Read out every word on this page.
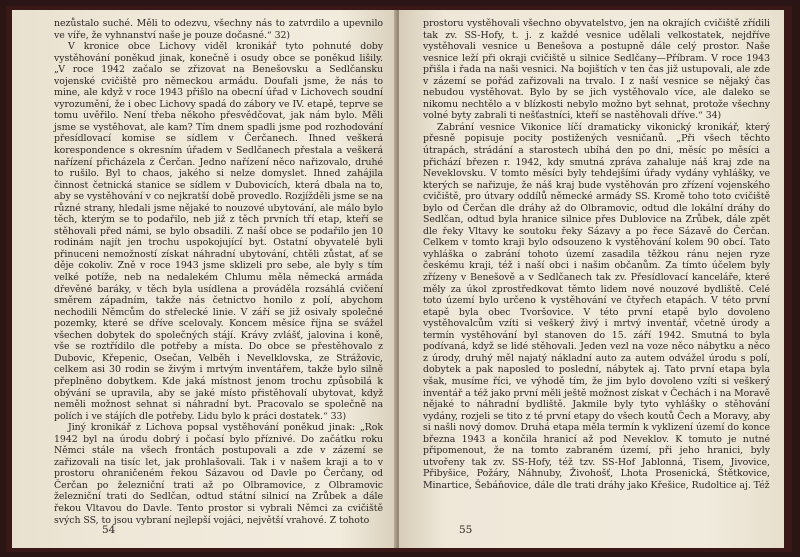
nezůstalo suché. Měli to odezvu, všechny nás to zatvrdilo a upevnilo ve víře, že vyhnanství naše je pouze dočasné.“ 32)

V kronice obce Lichovy viděl kronikář tyto pohnuté doby vystěhování poněkud jinak, konečně i osudy obce se poněkud lišily. „V roce 1942 začalo se zřizovat na Benešovsku a Sedlčansku vojenské cvičiště pro německou armádu. Doufali jsme, že nás to mine, ale když v roce 1943 přišlo na obecní úřad v Lichovech soudní vyrozumění, že i obec Lichovy spadá do zábory ve IV. etapě, teprve se tomu uvěřilo. Není třeba někoho přesvědčovat, jak nám bylo. Měli jsme se vystěhovat, ale kam? Tím dnem spadli jsme pod rozhodování přesídlovací komise se sídlem v Čerčanech. Ihned veškerá korespondence s okresním úřadem v Sedlčanech přestala a veškerá nařízení přicházela z Čerčan. Jedno nařízení něco nařizovalo, druhé to rušilo. Byl to chaos, jakého si nelze domyslet. Ihned zahájila činnost četnická stanice se sídlem v Dubovicích, která dbala na to, aby se vystěhování v co nejkratší době provedlo. Rozjížděli jsme se na různé strany, hledali jsme nějaké to nouzové ubytování, ale málo bylo těch, kterým se to podařilo, neb již z těch prvních tří etap, kteří se stěhovali před námi, se bylo obsadili. Z naší obce se podařilo jen 10 rodinám najít jen trochu uspokojující byt. Ostatní obyvatelé byli přinuceni nemožností získat náhradní ubytování, chtěli zůstat, ať se děje cokoliv. Zně v roce 1943 jsme sklizeli pro sebe, ale byly s tím velké potíže, neb na nedalekém Chlumu měla německá armáda dřevěné baráky, v těch byla usídlena a prováděla rozsáhlá cvičení směrem západním, takže nás četnictvo honilo z polí, abychom nechodili Němcům do střelecké linie. V září se již osivaly společné pozemky, které se dříve scelovaly. Koncem měsíce října se svážel všechen dobytek do společných stájí. Krávy zvlášť, jalovina i koně, vše se roztřídilo dle potřeby a místa. Do obce se přestěhovalo z Dubovic, Křepenic, Osečan, Velběh i Nevelklovska, ze Strážovic, celkem asi 30 rodin se živým i mrtvým inventářem, takže bylo silně přeplněno dobytkem. Kde jaká místnost jenom trochu způsobilá k obývání se upravila, aby se jaké místo přistěhovalí ubytovat, když neměli možnost sehnat si náhradní byt. Pracovalo se společně na polích i ve stájích dle potřeby. Lidu bylo k práci dostatek.“ 33)

Jiný kronikář z Lichova popsal vystěhování poněkud jinak: „Rok 1942 byl na úrodu dobrý i počasí bylo příznivé. Do začátku roku Němci stále na všech frontách postupovali a zde v zázemí se zařizovali na tisíc let, jak prohlašovali. Tak i v našem kraji a to v prostoru ohraničeném řekou Sázavou od Davle po Čerčany, od Čerčan po železniční trati až po Olbramovice, z Olbramovic železniční trati do Sedlčan, odtud státní silnicí na Zrůbek a dále řekou Vltavou do Davle. Tento prostor si vybrali Němci za cvičiště svých SS, to jsou vybraní nejlepší vojáci, největší vrahové. Z tohoto

54

prostoru vystěhovali všechno obyvatelstvo, jen na okrajích cvičiště zřídili tak zv. SS-Hofy, t. j. z každé vesnice udělali velkostatek, nejdříve vystěhovali vesnice u Benešova a postupně dále celý prostor. Naše vesnice leží při okraji cvičiště u silnice Sedlčany—Příbram. V roce 1943 přišla i řada na naši vesnici. Na bojištích v ten čas již ustupovali, ale zde v zázemí se pořád zařizovali na trvalo. I z naší vesnice se nějaký čas nebudou vystěhovat. Bylo by se jich vystěhovalo více, ale daleko se nikomu nechtělo a v blízkosti nebylo možno byt sehnat, protože všechny volné byty zabrali ti nešťastníci, kteří se nastěhovali dříve.“ 34)

Zabrání vesnice Vikonice líčí dramaticky vikonický kronikář, který přesně popisuje pocity postižených vesničanů. „Při všech těchto útrapách, strádání a starostech ubíhá den po dni, měsíc po měsíci a přichází březen r. 1942, kdy smutná zpráva zahaluje náš kraj zde na Neveklovsku. V tomto měsíci byly tehdejšími úřady vydány vyhlášky, ve kterých se nařizuje, že náš kraj bude vystěhován pro zřízení vojenského cvičiště, pro útvary oddílů německé armády SS. Kromě toho toto cvičiště bylo od Čerčan dle dráhy až do Olbramovic, odtud dle lokální dráhy do Sedlčan, odtud byla hranice silnice přes Dublovice na Zrůbek, dále zpět dle řeky Vltavy ke soutoku řeky Sázavy a po řece Sázavě do Čerčan. Celkem v tomto kraji bylo odsouzeno k vystěhování kolem 90 obcí. Tato vyhláška o zabrání tohoto území zasadila těžkou ránu nejen ryze českému kraji, též i naší obci i našim občanům. Za tímto účelem byly zřízeny v Benešově a v Sedlčanech tak zv. Přesídlovací kanceláře, které měly za úkol zprostředkovat těmto lidem nové nouzové bydliště. Celé toto území bylo určeno k vystěhování ve čtyřech etapách. V této první etapě byla obec Tvoršovice. V této první etapě bylo dovoleno vystěhovalcům vzíti si veškerý živý i mrtvý inventář, včetně úrody a termín vystěhování byl stanoven do 15. září 1942. Smutná to byla podívaná, když se lidé stěhovali. Jeden vezl na voze něco nábytku a něco z úrody, druhý měl najatý nákladní auto za autem odvážel úrodu s polí, dobytek a pak naposled to poslední, nábytek aj. Tato první etapa byla však, musíme říci, ve výhodě tím, že jim bylo dovoleno vzíti si veškerý inventář a též jako první měli ještě možnost získat v Čechách i na Moravě nějaké to náhradní bydliště. Jakmile byly tyto vyhlášky o stěhování vydány, rozjeli se tito z té první etapy do všech koutů Čech a Moravy, aby si našli nový domov. Druhá etapa měla termín k vyklizení území do konce března 1943 a končila hranicí až pod Neveklov. K tomuto je nutné připomenout, že na tomto zabraném území, při jeho hranici, byly utvořeny tak zv. SS-Hofy, též tzv. SS-Hof Jablonná, Tisem, Jivovice, Přibyšice, Požáry, Náhnuby, Živohošť, Lhota Prosenická, Štětkovice, Minartice, Šebáňovice, dále dle trati dráhy jako Křešice, Rudoltice aj. Též

55
